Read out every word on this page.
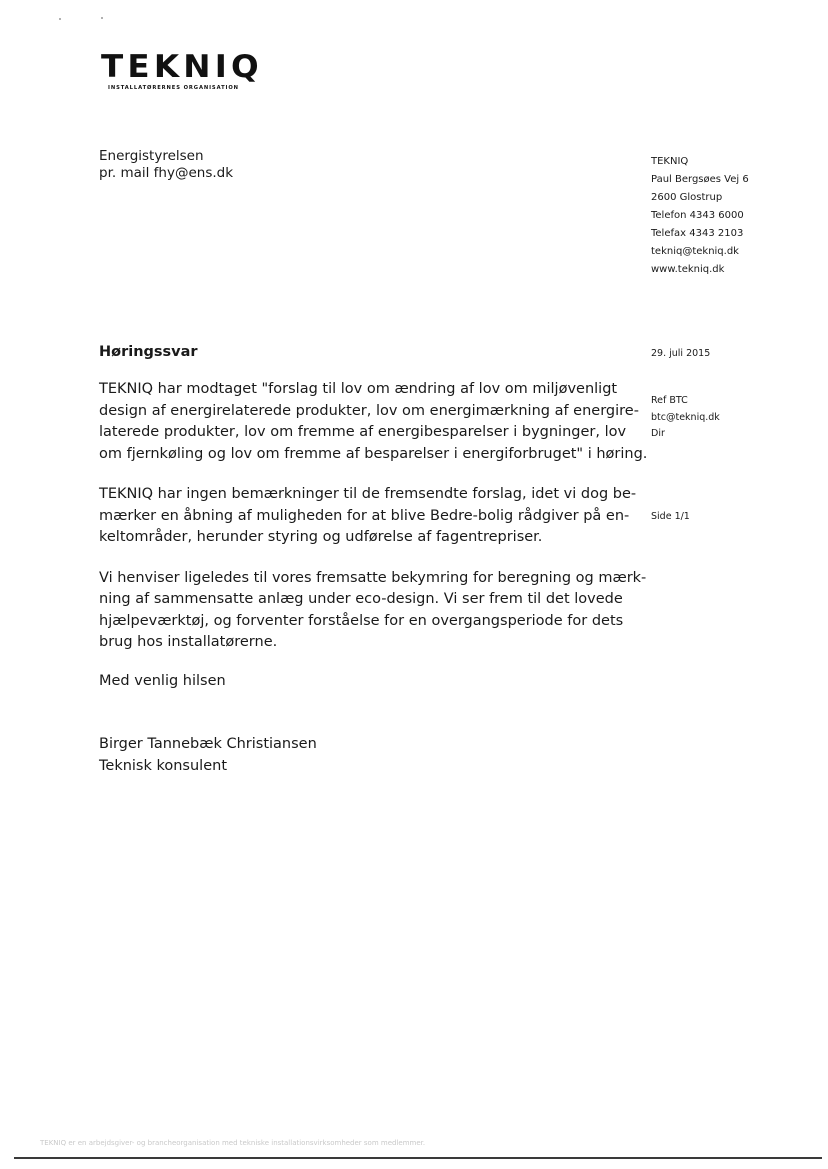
TEKNIQ
INSTALLATØRERNES ORGANISATION
Energistyrelsen
pr. mail fhy@ens.dk
TEKNIQ
Paul Bergsøes Vej 6
2600 Glostrup
Telefon 4343 6000
Telefax 4343 2103
tekniq@tekniq.dk
www.tekniq.dk
Høringssvar	29. juli 2015

TEKNIQ har modtaget "forslag til lov om ændring af lov om miljøvenligt
design af energirelaterede produkter, lov om energimærkning af energire-
laterede produkter, lov om fremme af energibesparelser i bygninger, lov
om fjernkøling og lov om fremme af besparelser i energiforbruget" i høring.

TEKNIQ har ingen bemærkninger til de fremsendte forslag, idet vi dog be-
mærker en åbning af muligheden for at blive Bedre-bolig rådgiver på en-
keltområder, herunder styring og udførelse af fagentrepriser.

Vi henviser ligeledes til vores fremsatte bekymring for beregning og mærk-
ning af sammensatte anlæg under eco-design. Vi ser frem til det lovede
hjælpeværktøj, og forventer forståelse for en overgangsperiode for dets
brug hos installatørerne.

Ref BTC
btc@tekniq.dk
Dir
Side 1/1
Med venlig hilsen
Birger Tannebæk Christiansen
Teknisk konsulent
TEKNIQ er en arbejdsgiver- og brancheorganisation med tekniske installationsvirksomheder som medlemmer.
